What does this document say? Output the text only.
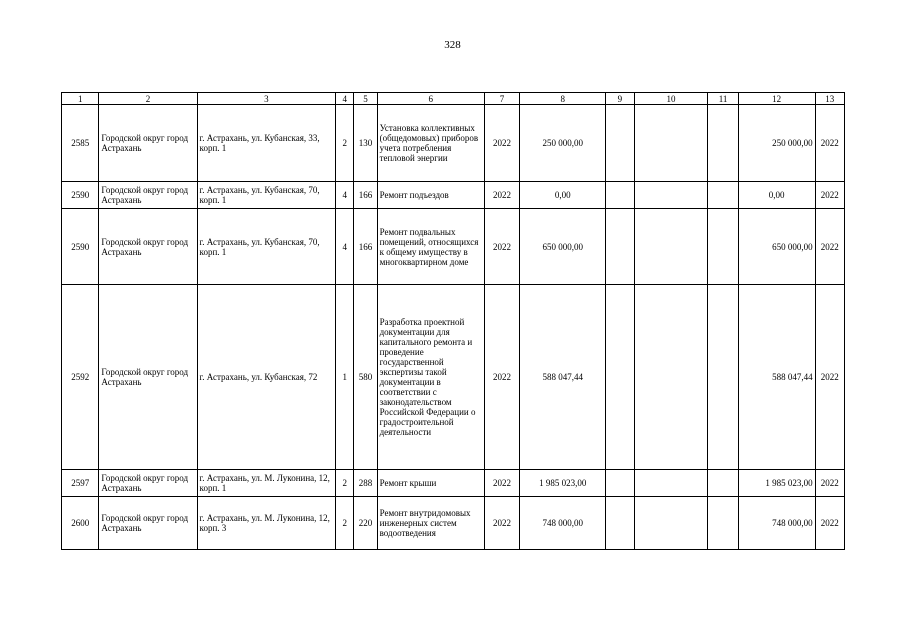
328
1	2	3	4	5	6	7	8	9	10	11	12	13
2585	Городской округ город Астрахань	г. Астрахань, ул. Кубанская, 33, корп. 1	2	130	Установка коллективных (общедомовых) приборов учета потребления тепловой энергии	2022	250 000,00				250 000,00	2022
2590	Городской округ город Астрахань	г. Астрахань, ул. Кубанская, 70, корп. 1	4	166	Ремонт подъездов	2022	0,00				0,00	2022
2590	Городской округ город Астрахань	г. Астрахань, ул. Кубанская, 70, корп. 1	4	166	Ремонт подвальных помещений, относящихся к общему имуществу в многоквартирном доме	2022	650 000,00				650 000,00	2022
2592	Городской округ город Астрахань	г. Астрахань, ул. Кубанская, 72	1	580	Разработка проектной документации для капитального ремонта и проведение государственной экспертизы такой документации в соответствии с законодательством Российской Федерации о градостроительной деятельности	2022	588 047,44				588 047,44	2022
2597	Городской округ город Астрахань	г. Астрахань, ул. М. Луконина, 12, корп. 1	2	288	Ремонт крыши	2022	1 985 023,00				1 985 023,00	2022
2600	Городской округ город Астрахань	г. Астрахань, ул. М. Луконина, 12, корп. 3	2	220	Ремонт внутридомовых инженерных систем водоотведения	2022	748 000,00				748 000,00	2022
